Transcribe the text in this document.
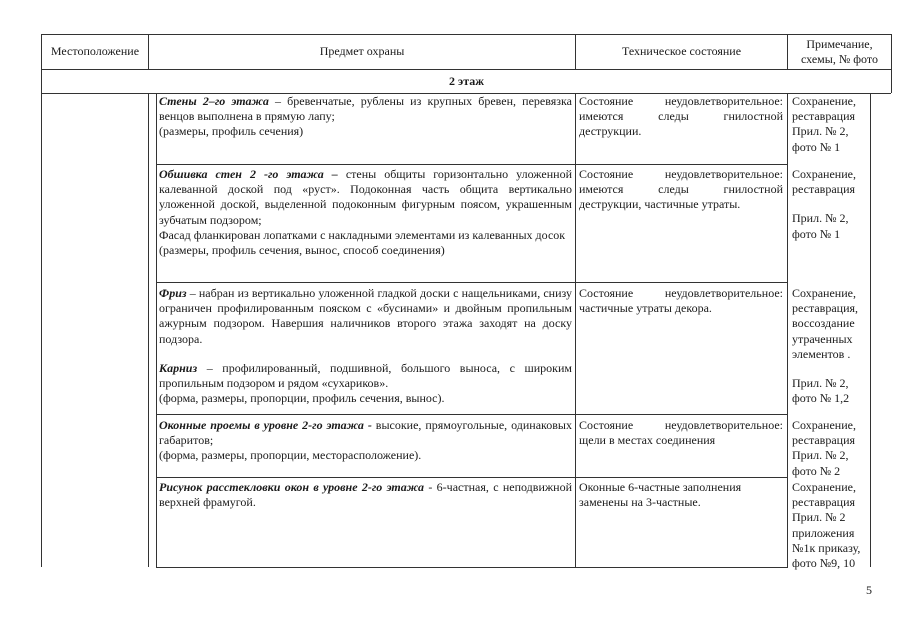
Местоположение	Предмет охраны	Техническое состояние
Примечание,
схемы, № фото
2 этаж

Стены 2–го этажа – бревенчатые, рублены из крупных бревен, перевязка венцов выполнена в прямую лапу;

(размеры, профиль сечения)

Состояние неудовлетворительное: имеются следы гнилостной деструкции.
Сохранение,
реставрация
Прил. № 2,
фото № 1

Обшивка стен 2 -го этажа – стены общиты горизонтально уложенной калеванной доской под «руст». Подоконная часть общита вертикально уложенной доской, выделенной подоконным фигурным поясом, украшенным зубчатым подзором;

Фасад фланкирован лопатками с накладными элементами из калеванных досок

(размеры, профиль сечения, вынос, способ соединения)

Состояние неудовлетворительное: имеются следы гнилостной деструкции, частичные утраты.
Сохранение,
реставрация
Прил. № 2,
фото № 1

Фриз – набран из вертикально уложенной гладкой доски с нащельниками, снизу ограничен профилированным пояском с «бусинами» и двойным пропильным ажурным подзором. Навершия наличников второго этажа заходят на доску подзора.

Карниз – профилированный, подшивной, большого выноса, с широким пропильным подзором и рядом «сухариков».

(форма, размеры, пропорции, профиль сечения, вынос).

Состояние неудовлетворительное: частичные утраты декора.
Сохранение,
реставрация,
воссоздание
утраченных
элементов .
Прил. № 2,
фото № 1,2

Оконные проемы в уровне 2-го этажа - высокие, прямоугольные, одинаковых габаритов;

(форма, размеры, пропорции, месторасположение).

Состояние неудовлетворительное: щели в местах соединения
Сохранение,
реставрация
Прил. № 2,
фото № 2

Рисунок расстекловки окон в уровне 2-го этажа - 6-частная, с неподвижной верхней фрамугой.

Оконные 6-частные заполнения заменены на 3-частные.
Сохранение,
реставрация
Прил. № 2
приложения
№1к приказу,
фото №9, 10
5
